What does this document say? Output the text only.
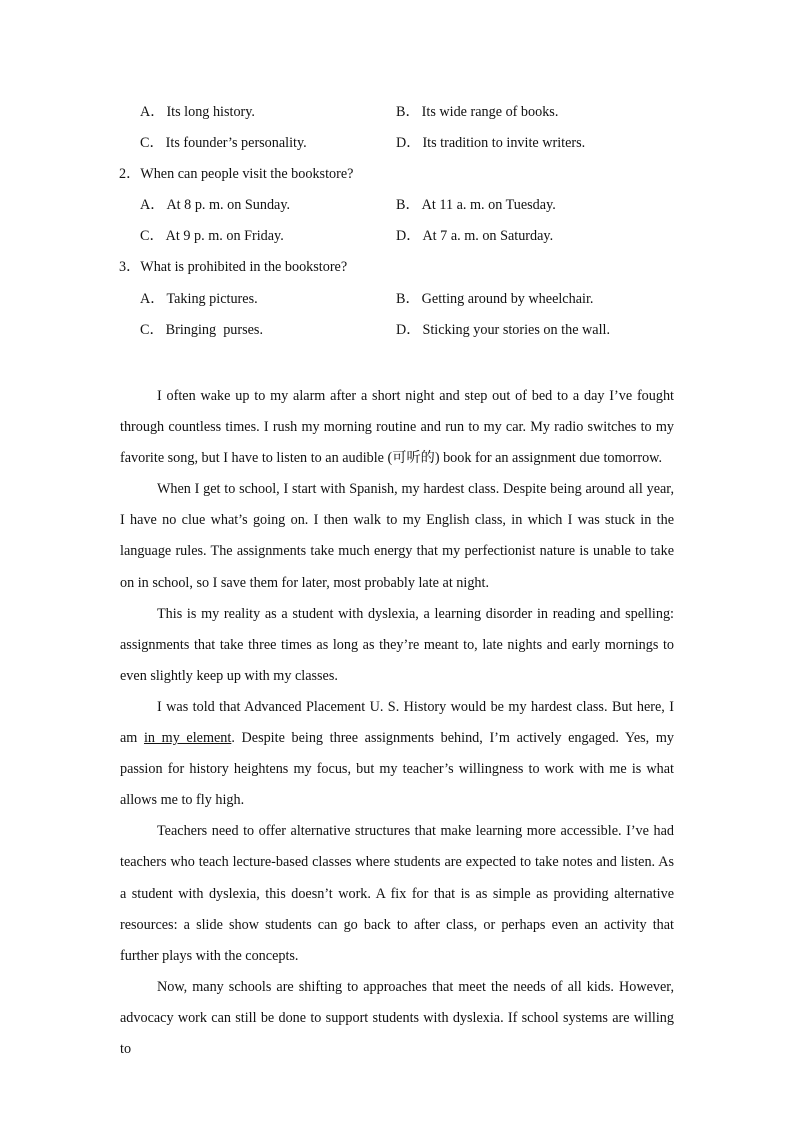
A． Its long history.	B． Its wide range of books.
C． Its founder’s personality.	D． Its tradition to invite writers.
2．When can people visit the bookstore?
A． At 8 p. m. on Sunday.	B． At 11 a. m. on Tuesday.
C． At 9 p. m. on Friday.	D． At 7 a. m. on Saturday.
3．What is prohibited in the bookstore?
A． Taking pictures.	B． Getting around by wheelchair.
C． Bringing  purses.	D． Sticking your stories on the wall.

I often wake up to my alarm after a short night and step out of bed to a day I’ve fought through countless times. I rush my morning routine and run to my car. My radio switches to my favorite song, but I have to listen to an audible (可听的) book for an assignment due tomorrow.

When I get to school, I start with Spanish, my hardest class. Despite being around all year, I have no clue what’s going on. I then walk to my English class, in which I was stuck in the language rules. The assignments take much energy that my perfectionist nature is unable to take on in school, so I save them for later, most probably late at night.

This is my reality as a student with dyslexia, a learning disorder in reading and spelling: assignments that take three times as long as they’re meant to, late nights and early mornings to even slightly keep up with my classes.

I was told that Advanced Placement U. S. History would be my hardest class. But here, I am in my element. Despite being three assignments behind, I’m actively engaged. Yes, my passion for history heightens my focus, but my teacher’s willingness to work with me is what allows me to fly high.

Teachers need to offer alternative structures that make learning more accessible. I’ve had teachers who teach lecture-based classes where students are expected to take notes and listen. As a student with dyslexia, this doesn’t work. A fix for that is as simple as providing alternative resources: a slide show students can go back to after class, or perhaps even an activity that further plays with the concepts.

Now, many schools are shifting to approaches that meet the needs of all kids. However, advocacy work can still be done to support students with dyslexia. If school systems are willing to
